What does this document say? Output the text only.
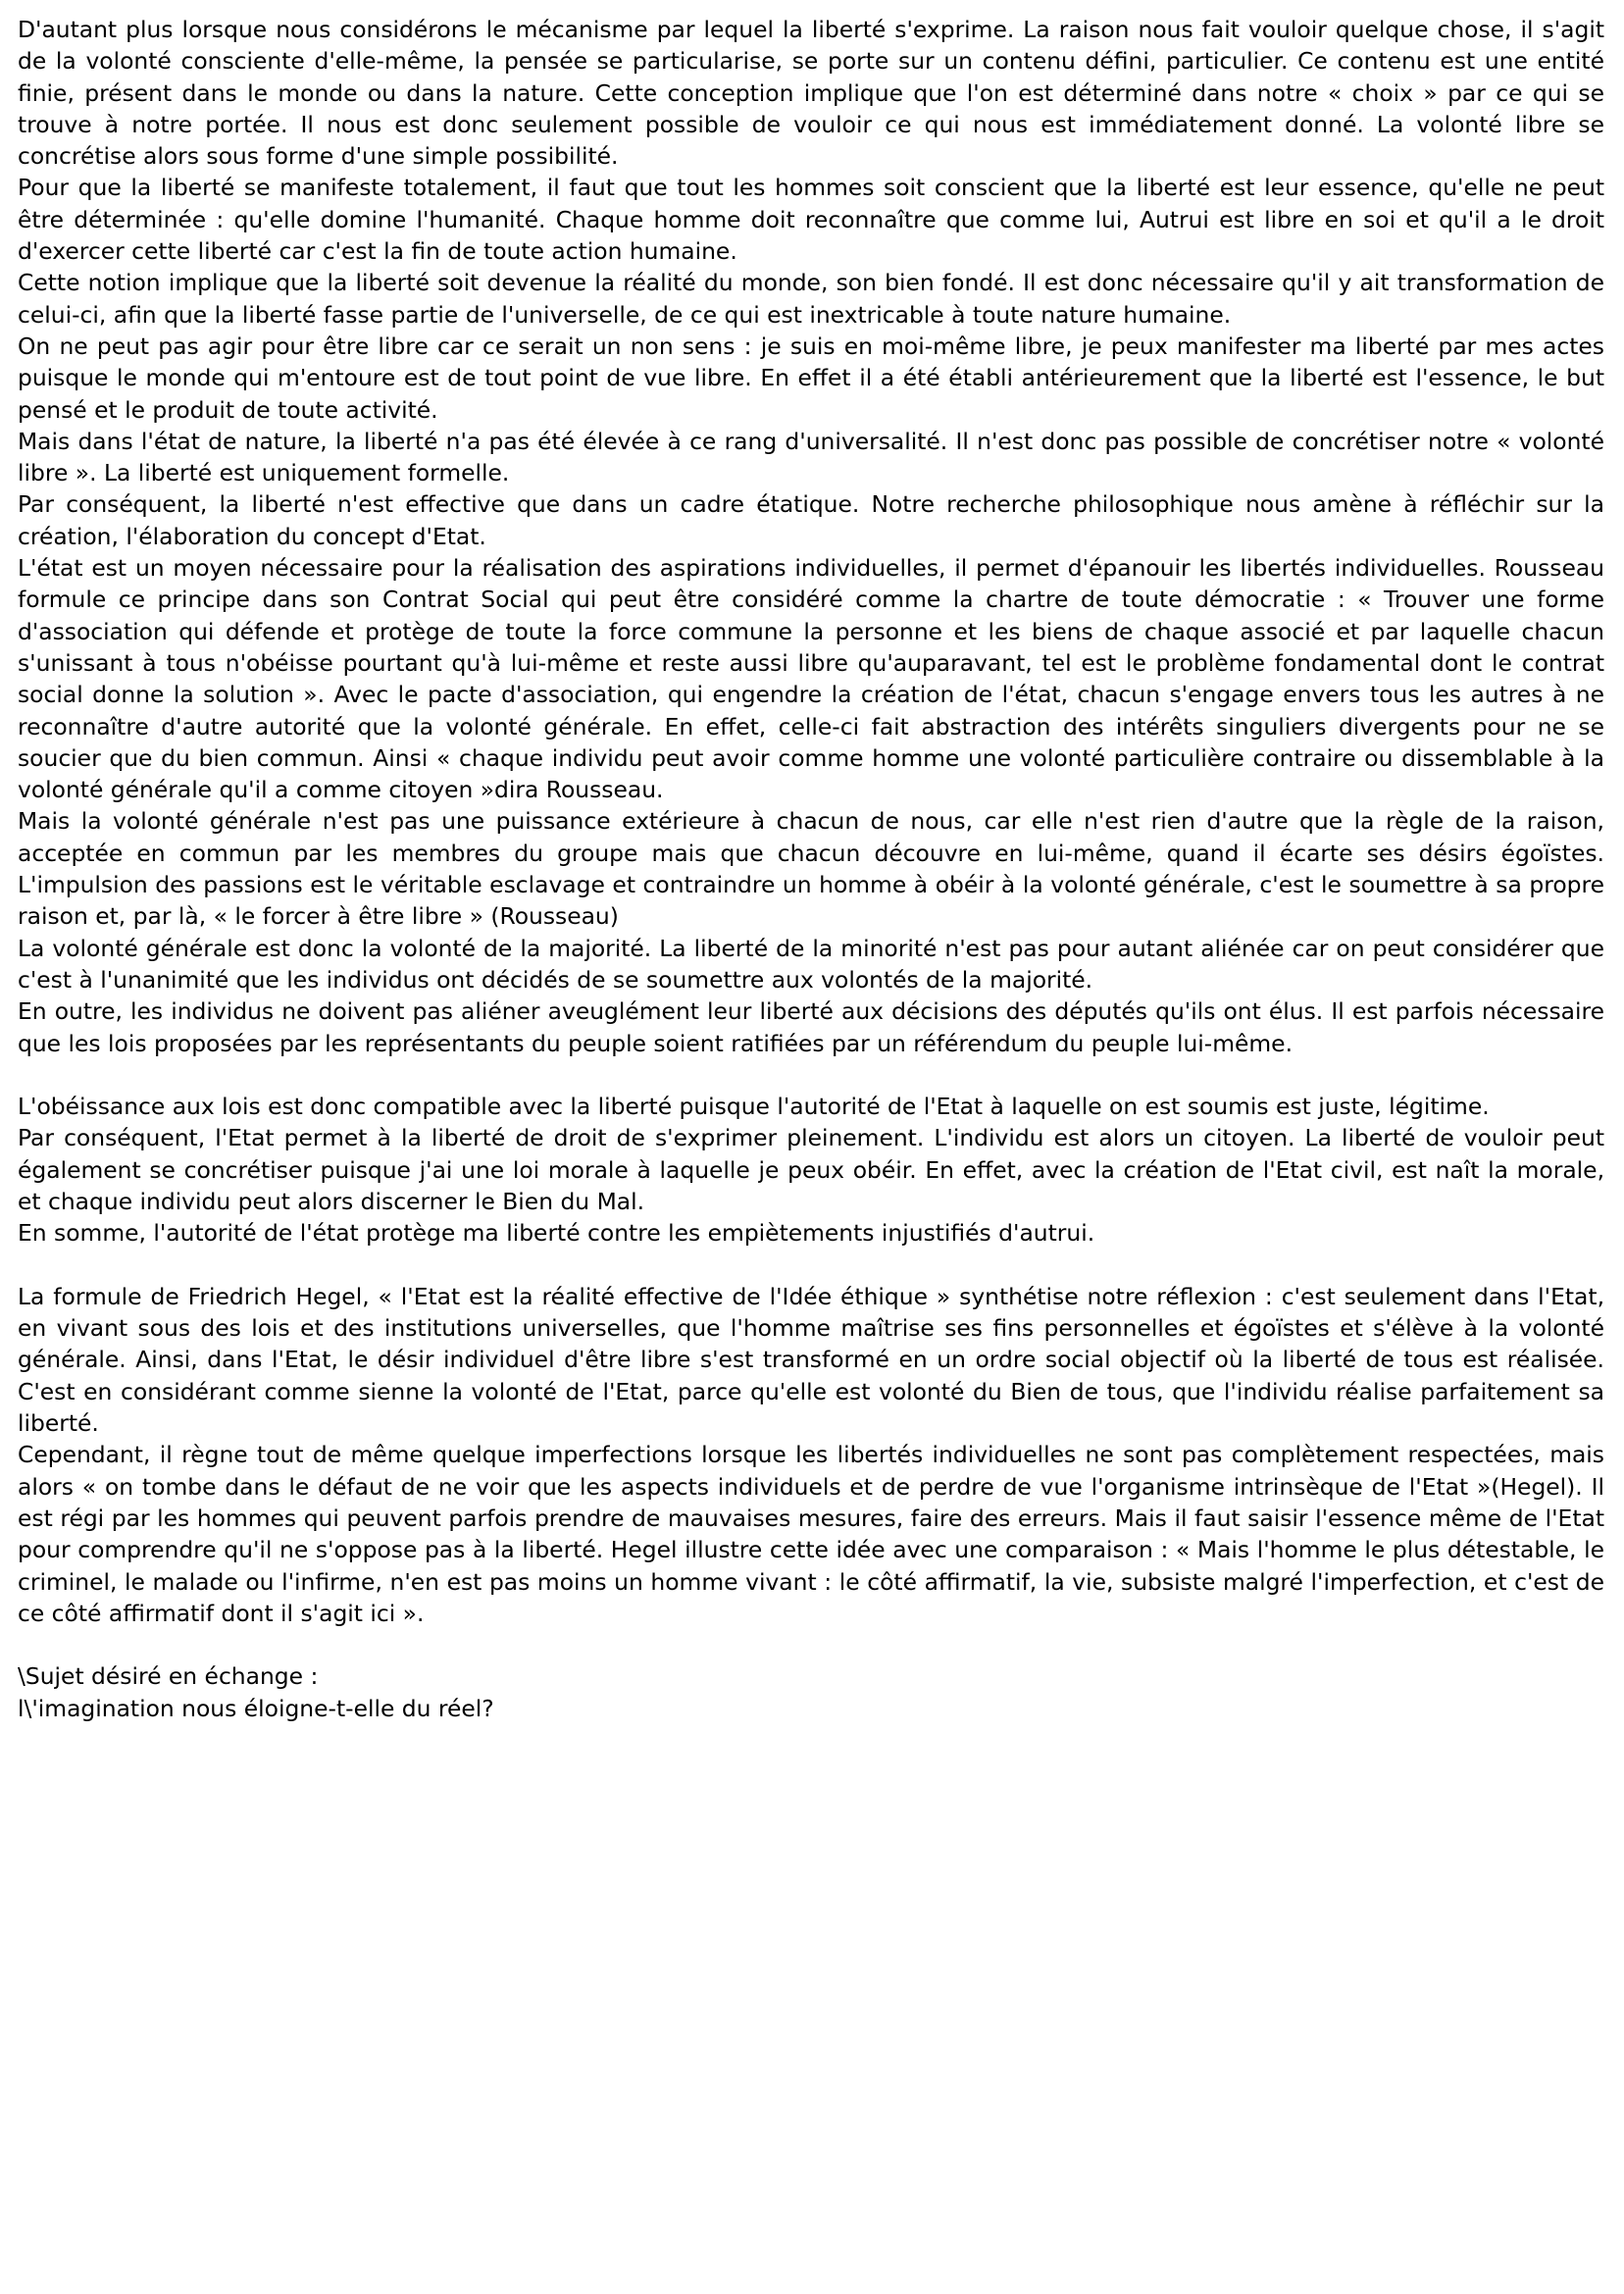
D'autant plus lorsque nous considérons le mécanisme par lequel la liberté s'exprime. La raison nous fait vouloir quelque chose, il s'agit de la volonté consciente d'elle-même, la pensée se particularise, se porte sur un contenu défini, particulier. Ce contenu est une entité finie, présent dans le monde ou dans la nature. Cette conception implique que l'on est déterminé dans notre « choix » par ce qui se trouve à notre portée. Il nous est donc seulement possible de vouloir ce qui nous est immédiatement donné. La volonté libre se concrétise alors sous forme d'une simple possibilité.

Pour que la liberté se manifeste totalement, il faut que tout les hommes soit conscient que la liberté est leur essence, qu'elle ne peut être déterminée : qu'elle domine l'humanité. Chaque homme doit reconnaître que comme lui, Autrui est libre en soi et qu'il a le droit d'exercer cette liberté car c'est la fin de toute action humaine.

Cette notion implique que la liberté soit devenue la réalité du monde, son bien fondé. Il est donc nécessaire qu'il y ait transformation de celui-ci, afin que la liberté fasse partie de l'universelle, de ce qui est inextricable à toute nature humaine.

On ne peut pas agir pour être libre car ce serait un non sens : je suis en moi-même libre, je peux manifester ma liberté par mes actes puisque le monde qui m'entoure est de tout point de vue libre. En effet il a été établi antérieurement que la liberté est l'essence, le but pensé et le produit de toute activité.

Mais dans l'état de nature, la liberté n'a pas été élevée à ce rang d'universalité. Il n'est donc pas possible de concrétiser notre « volonté libre ». La liberté est uniquement formelle.

Par conséquent, la liberté n'est effective que dans un cadre étatique. Notre recherche philosophique nous amène à réfléchir sur la création, l'élaboration du concept d'Etat.

L'état est un moyen nécessaire pour la réalisation des aspirations individuelles, il permet d'épanouir les libertés individuelles. Rousseau formule ce principe dans son Contrat Social qui peut être considéré comme la chartre de toute démocratie : « Trouver une forme d'association qui défende et protège de toute la force commune la personne et les biens de chaque associé et par laquelle chacun s'unissant à tous n'obéisse pourtant qu'à lui-même et reste aussi libre qu'auparavant, tel est le problème fondamental dont le contrat social donne la solution ». Avec le pacte d'association, qui engendre la création de l'état, chacun s'engage envers tous les autres à ne reconnaître d'autre autorité que la volonté générale. En effet, celle-ci fait abstraction des intérêts singuliers divergents pour ne se soucier que du bien commun. Ainsi « chaque individu peut avoir comme homme une volonté particulière contraire ou dissemblable à la volonté générale qu'il a comme citoyen »dira Rousseau.

Mais la volonté générale n'est pas une puissance extérieure à chacun de nous, car elle n'est rien d'autre que la règle de la raison, acceptée en commun par les membres du groupe mais que chacun découvre en lui-même, quand il écarte ses désirs égoïstes. L'impulsion des passions est le véritable esclavage et contraindre un homme à obéir à la volonté générale, c'est le soumettre à sa propre raison et, par là, « le forcer à être libre » (Rousseau)

La volonté générale est donc la volonté de la majorité. La liberté de la minorité n'est pas pour autant aliénée car on peut considérer que c'est à l'unanimité que les individus ont décidés de se soumettre aux volontés de la majorité.

En outre, les individus ne doivent pas aliéner aveuglément leur liberté aux décisions des députés qu'ils ont élus. Il est parfois nécessaire que les lois proposées par les représentants du peuple soient ratifiées par un référendum du peuple lui-même.

L'obéissance aux lois est donc compatible avec la liberté puisque l'autorité de l'Etat à laquelle on est soumis est juste, légitime.

Par conséquent, l'Etat permet à la liberté de droit de s'exprimer pleinement. L'individu est alors un citoyen. La liberté de vouloir peut également se concrétiser puisque j'ai une loi morale à laquelle je peux obéir. En effet, avec la création de l'Etat civil, est naît la morale, et chaque individu peut alors discerner le Bien du Mal.

En somme, l'autorité de l'état protège ma liberté contre les empiètements injustifiés d'autrui.

La formule de Friedrich Hegel, « l'Etat est la réalité effective de l'Idée éthique » synthétise notre réflexion : c'est seulement dans l'Etat, en vivant sous des lois et des institutions universelles, que l'homme maîtrise ses fins personnelles et égoïstes et s'élève à la volonté générale. Ainsi, dans l'Etat, le désir individuel d'être libre s'est transformé en un ordre social objectif où la liberté de tous est réalisée. C'est en considérant comme sienne la volonté de l'Etat, parce qu'elle est volonté du Bien de tous, que l'individu réalise parfaitement sa liberté.

Cependant, il règne tout de même quelque imperfections lorsque les libertés individuelles ne sont pas complètement respectées, mais alors « on tombe dans le défaut de ne voir que les aspects individuels et de perdre de vue l'organisme intrinsèque de l'Etat »(Hegel). Il est régi par les hommes qui peuvent parfois prendre de mauvaises mesures, faire des erreurs. Mais il faut saisir l'essence même de l'Etat pour comprendre qu'il ne s'oppose pas à la liberté. Hegel illustre cette idée avec une comparaison : « Mais l'homme le plus détestable, le criminel, le malade ou l'infirme, n'en est pas moins un homme vivant : le côté affirmatif, la vie, subsiste malgré l'imperfection, et c'est de ce côté affirmatif dont il s'agit ici ».

\Sujet désiré en échange :

l\'imagination nous éloigne-t-elle du réel?
